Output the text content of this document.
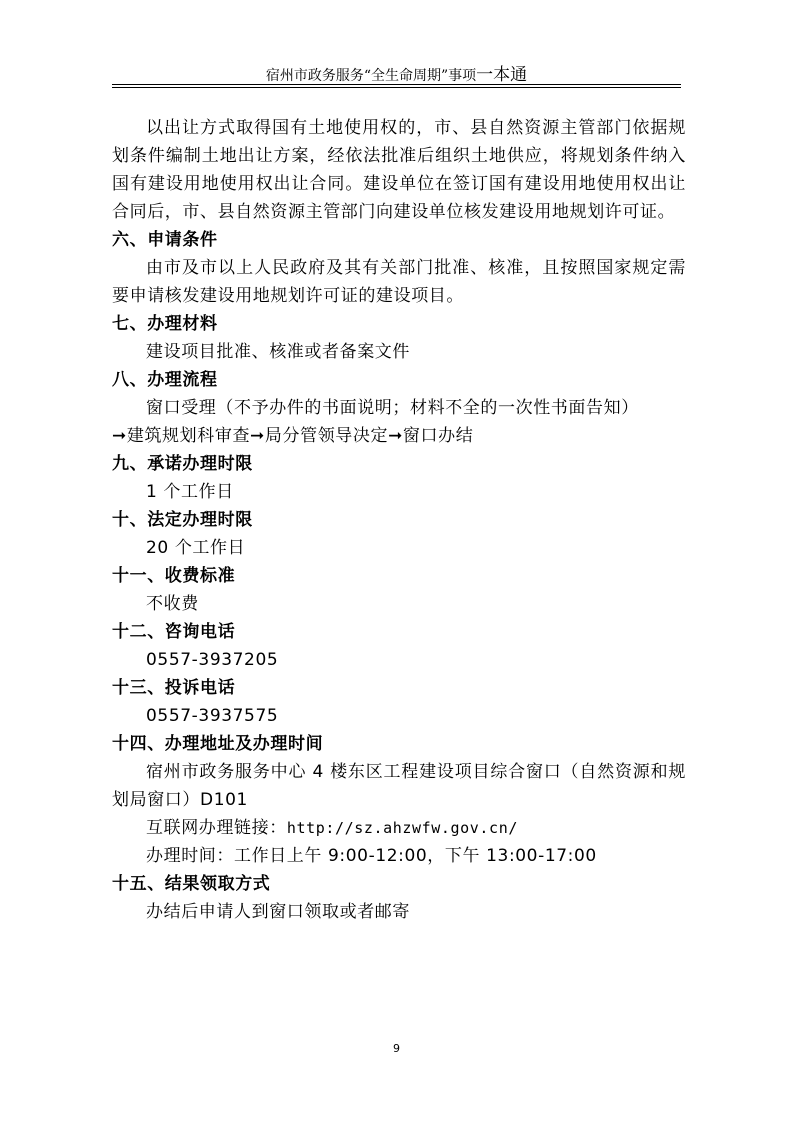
宿州市政务服务“全生命周期”事项一本通
以出让方式取得国有土地使用权的，市、县自然资源主管部门依据规划条件编制土地出让方案，经依法批准后组织土地供应，将规划条件纳入国有建设用地使用权出让合同。建设单位在签订国有建设用地使用权出让合同后，市、县自然资源主管部门向建设单位核发建设用地规划许可证。
六、申请条件
由市及市以上人民政府及其有关部门批准、核准，且按照国家规定需要申请核发建设用地规划许可证的建设项目。
七、办理材料
建设项目批准、核准或者备案文件
八、办理流程
窗口受理（不予办件的书面说明；材料不全的一次性书面告知）
➞建筑规划科审查➞局分管领导决定➞窗口办结
九、承诺办理时限
1 个工作日
十、法定办理时限
20 个工作日
十一、收费标准
不收费
十二、咨询电话
0557-3937205
十三、投诉电话
0557-3937575
十四、办理地址及办理时间
宿州市政务服务中心 4 楼东区工程建设项目综合窗口（自然资源和规划局窗口）D101
互联网办理链接：http://sz.ahzwfw.gov.cn/
办理时间：工作日上午 9:00-12:00，下午 13:00-17:00
十五、结果领取方式
办结后申请人到窗口领取或者邮寄
9
